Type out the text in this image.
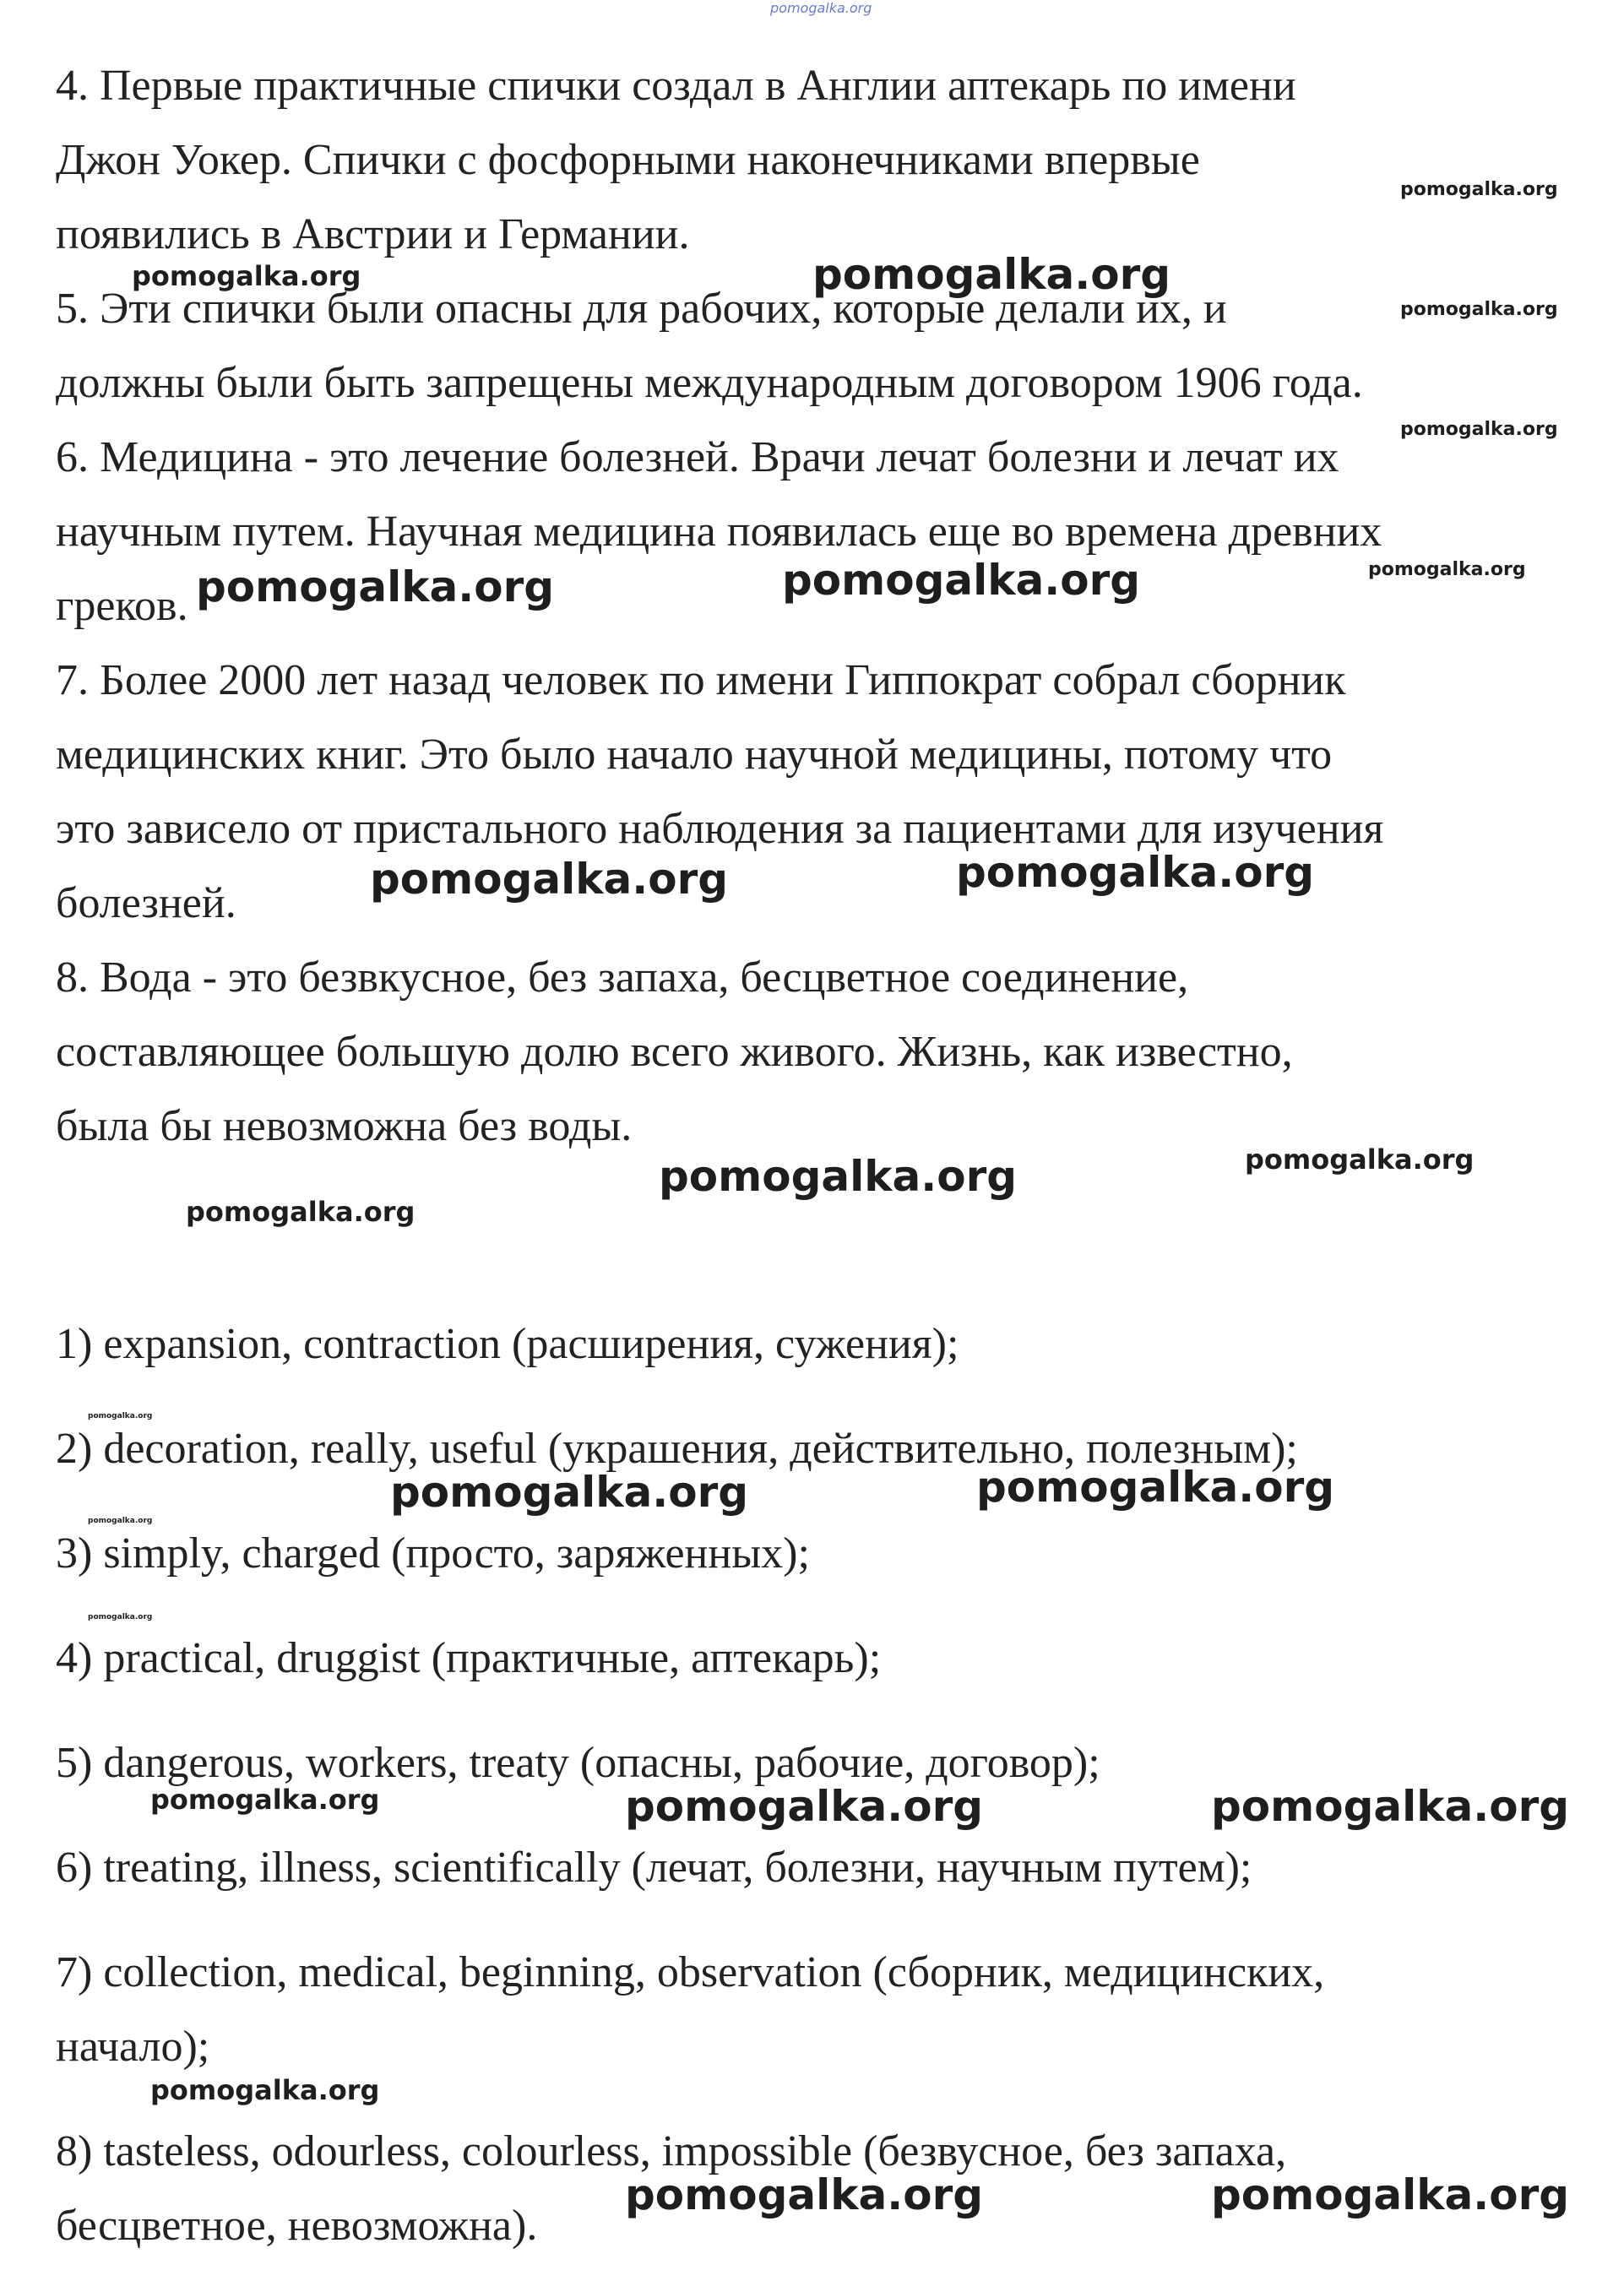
4. Первые практичные спички создал в Англии аптекарь по имени

Джон Уокер. Спички с фосфорными наконечниками впервые

появились в Австрии и Германии.

5. Эти спички были опасны для рабочих, которые делали их, и

должны были быть запрещены международным договором 1906 года.

6. Медицина - это лечение болезней. Врачи лечат болезни и лечат их

научным путем. Научная медицина появилась еще во времена древних

греков.

7. Более 2000 лет назад человек по имени Гиппократ собрал сборник

медицинских книг. Это было начало научной медицины, потому что

это зависело от пристального наблюдения за пациентами для изучения

болезней.

8. Вода - это безвкусное, без запаха, бесцветное соединение,

составляющее большую долю всего живого. Жизнь, как известно,

была бы невозможна без воды.

1) expansion, contraction (расширения, сужения);

2) decoration, really, useful (украшения, действительно, полезным);

3) simply, charged (просто, заряженных);

4) practical, druggist (практичные, аптекарь);

5) dangerous, workers, treaty (опасны, рабочие, договор);

6) treating, illness, scientifically (лечат, болезни, научным путем);

7) collection, medical, beginning, observation (сборник, медицинских,

начало);

8) tasteless, odourless, colourless, impossible (безвусное, без запаха,

бесцветное, невозможна).

pomogalka.org

pomogalka.org

pomogalka.org	pomogalka.org

pomogalka.org

pomogalka.org

pomogalka.org	pomogalka.org	pomogalka.org

pomogalka.org	pomogalka.org

pomogalka.org	pomogalka.org

pomogalka.org

pomogalka.org

pomogalka.org	pomogalka.org

pomogalka.org

pomogalka.org

pomogalka.org	pomogalka.org	pomogalka.org

pomogalka.org

pomogalka.org	pomogalka.org
